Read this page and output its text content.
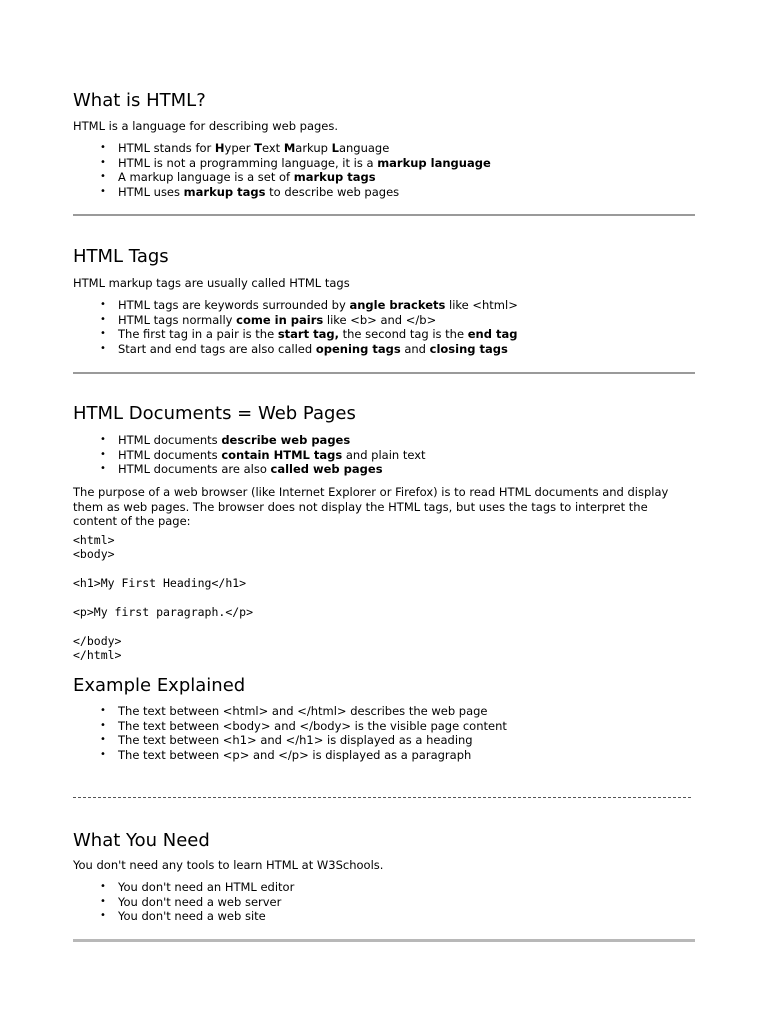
What is HTML?

HTML is a language for describing web pages.

• HTML stands for Hyper Text Markup Language
• HTML is not a programming language, it is a markup language
• A markup language is a set of markup tags
• HTML uses markup tags to describe web pages
HTML Tags

HTML markup tags are usually called HTML tags

• HTML tags are keywords surrounded by angle brackets like <html>
• HTML tags normally come in pairs like <b> and </b>
• The first tag in a pair is the start tag, the second tag is the end tag
• Start and end tags are also called opening tags and closing tags
HTML Documents = Web Pages
• HTML documents describe web pages
• HTML documents contain HTML tags and plain text
• HTML documents are also called web pages

The purpose of a web browser (like Internet Explorer or Firefox) is to read HTML documents and display them as web pages. The browser does not display the HTML tags, but uses the tags to interpret the content of the page:

<html>
<body>

<h1>My First Heading</h1>

<p>My first paragraph.</p>

</body>
</html>
Example Explained
• The text between <html> and </html> describes the web page
• The text between <body> and </body> is the visible page content
• The text between <h1> and </h1> is displayed as a heading
• The text between <p> and </p> is displayed as a paragraph
What You Need

You don't need any tools to learn HTML at W3Schools.

• You don't need an HTML editor
• You don't need a web server
• You don't need a web site
